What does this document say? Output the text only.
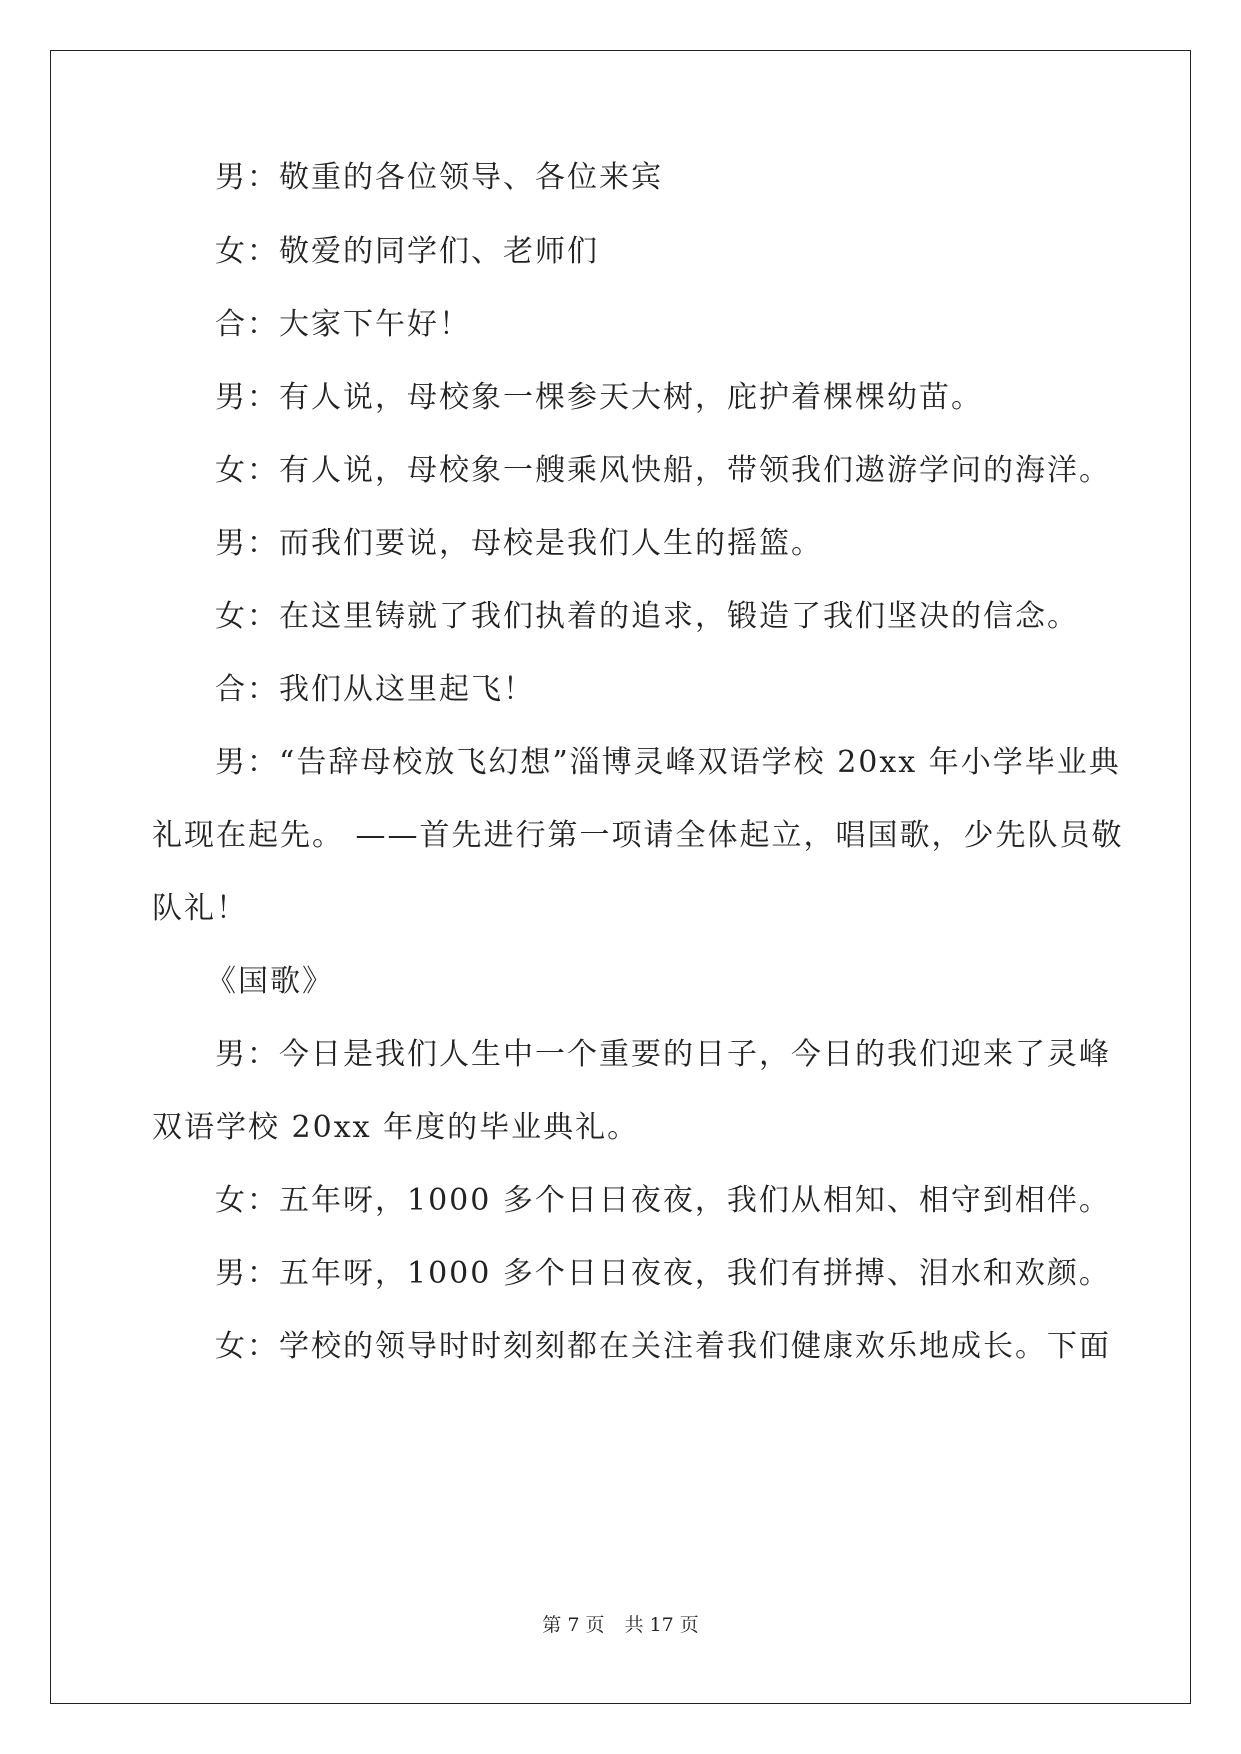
男：敬重的各位领导、各位来宾

女：敬爱的同学们、老师们

合：大家下午好！

男：有人说，母校象一棵参天大树，庇护着棵棵幼苗。

女：有人说，母校象一艘乘风快船，带领我们遨游学问的海洋。

男：而我们要说，母校是我们人生的摇篮。

女：在这里铸就了我们执着的追求，锻造了我们坚决的信念。

合：我们从这里起飞！

男：“告辞母校放飞幻想”淄博灵峰双语学校 20xx 年小学毕业典

礼现在起先。 ——首先进行第一项请全体起立，唱国歌，少先队员敬

队礼！

《国歌》

男：今日是我们人生中一个重要的日子，今日的我们迎来了灵峰

双语学校 20xx 年度的毕业典礼。

女：五年呀，1000 多个日日夜夜，我们从相知、相守到相伴。

男：五年呀，1000 多个日日夜夜，我们有拼搏、泪水和欢颜。

女：学校的领导时时刻刻都在关注着我们健康欢乐地成长。下面

第 7 页 共 17 页
